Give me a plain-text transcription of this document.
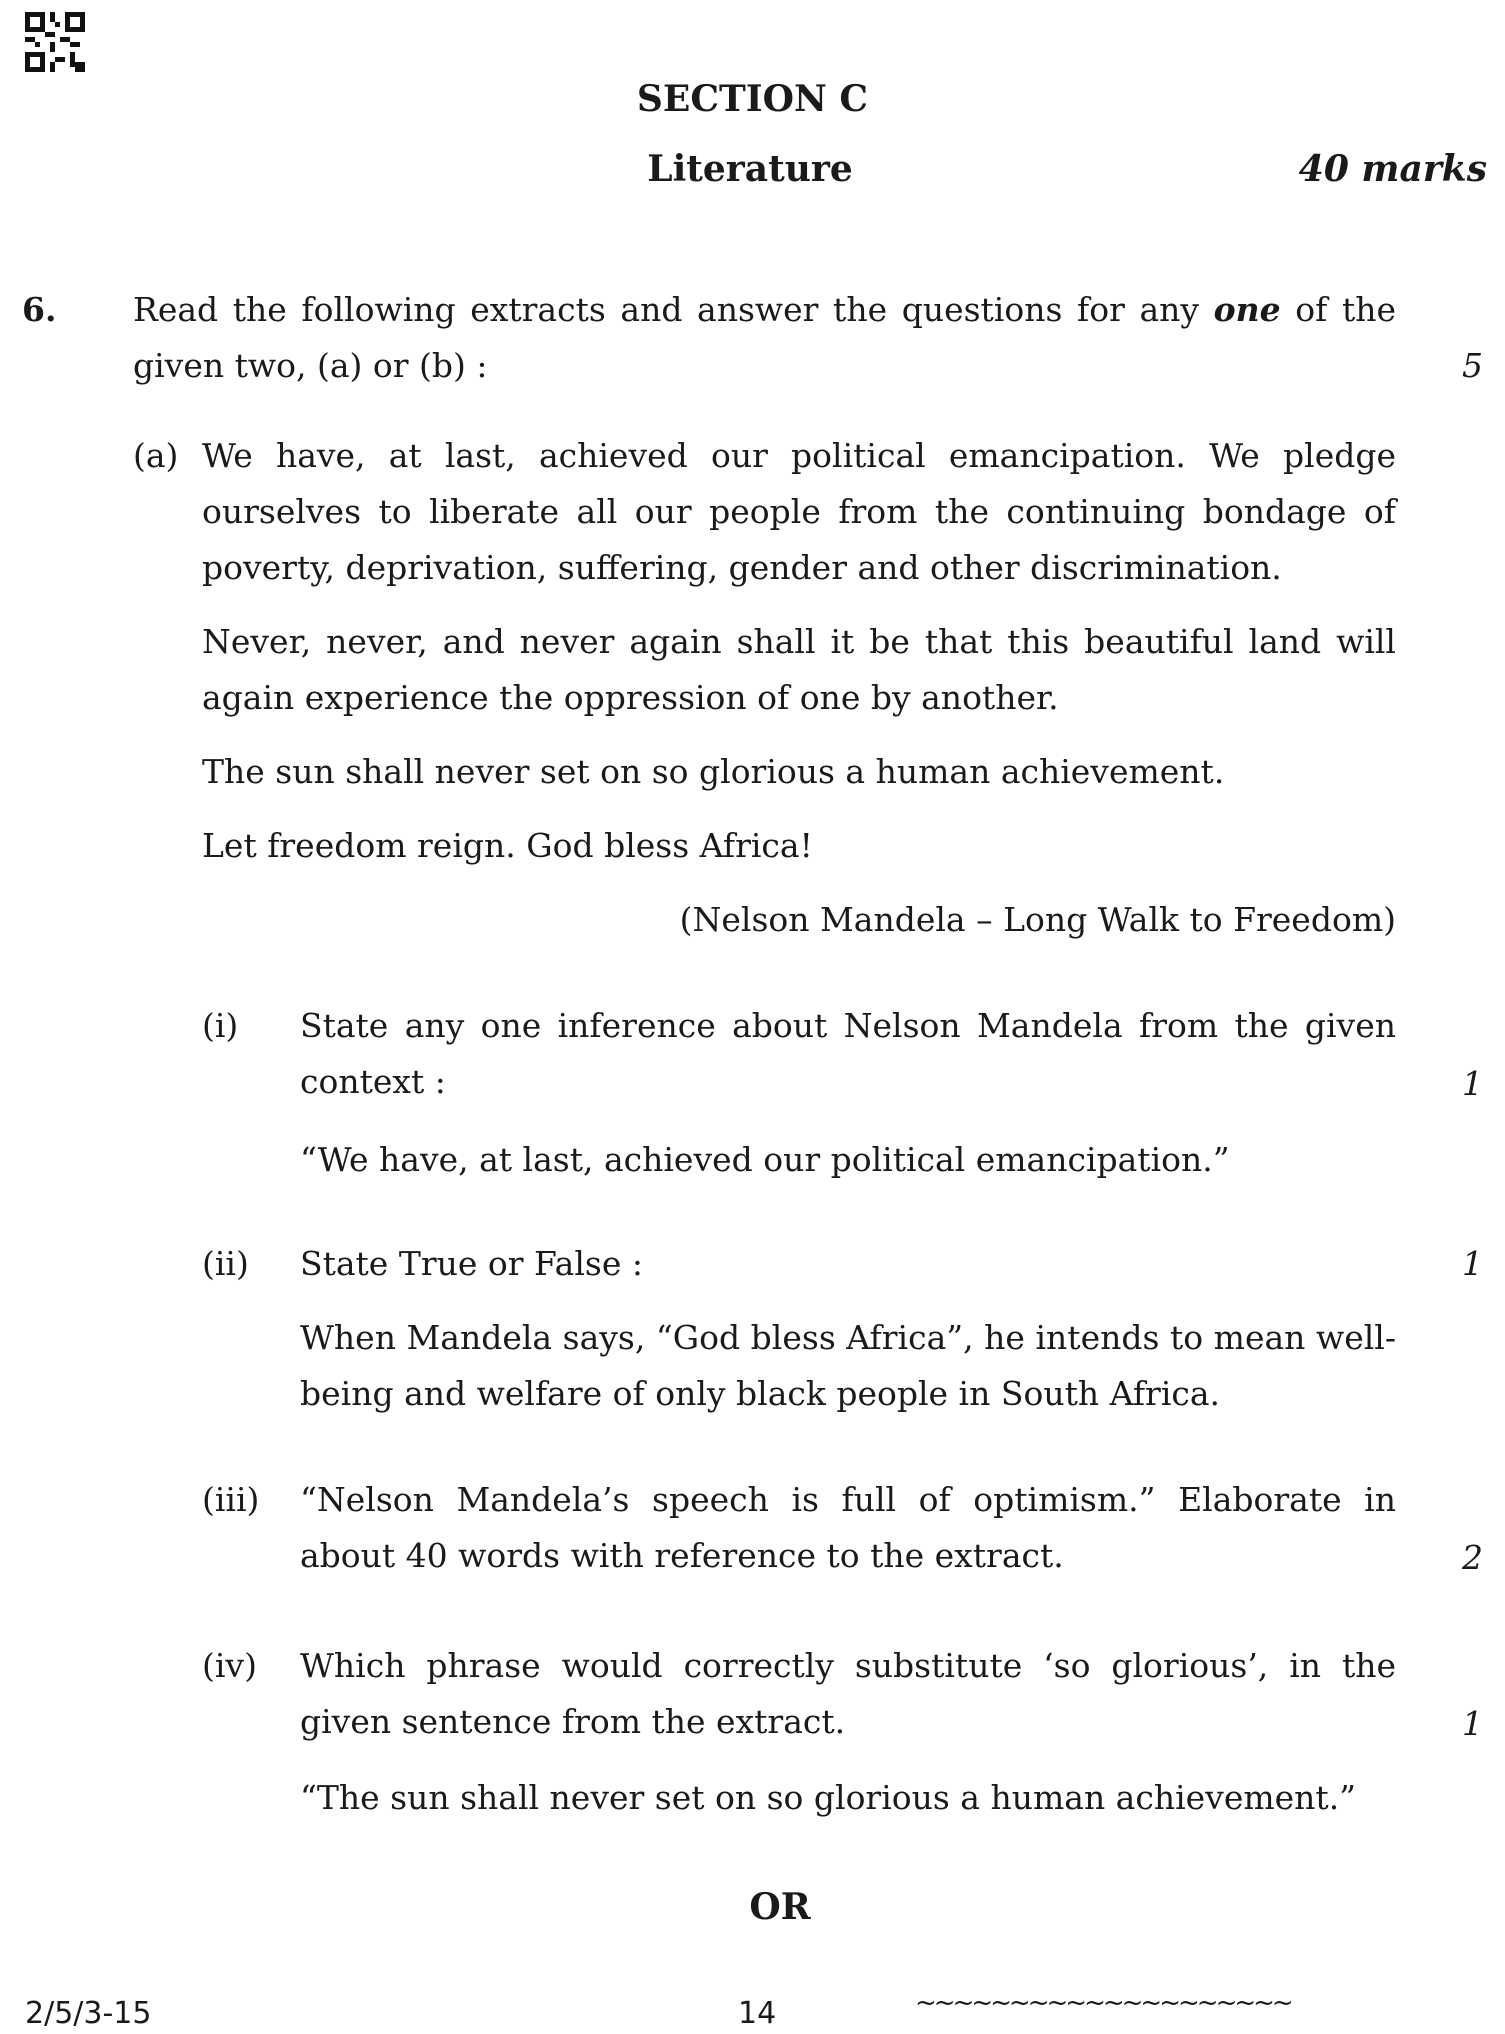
SECTION C
Literature	40 marks
6. Read the following extracts and answer the questions for any one of the
given two, (a) or (b) :	5
(a) We have, at last, achieved our political emancipation. We pledge ourselves to liberate all our people from the continuing bondage of poverty, deprivation, suffering, gender and other discrimination.
Never, never, and never again shall it be that this beautiful land will again experience the oppression of one by another.
The sun shall never set on so glorious a human achievement.
Let freedom reign. God bless Africa!
(Nelson Mandela – Long Walk to Freedom)
(i) State any one inference about Nelson Mandela from the given context :	1
“We have, at last, achieved our political emancipation.”
(ii) State True or False :	1
When Mandela says, “God bless Africa”, he intends to mean well-being and welfare of only black people in South Africa.
(iii) “Nelson Mandela’s speech is full of optimism.” Elaborate in about 40 words with reference to the extract.	2
(iv) Which phrase would correctly substitute ‘so glorious’, in the given sentence from the extract.	1
“The sun shall never set on so glorious a human achievement.”
OR
2/5/3-15	14	~~~~~~~~~~~~~~~~~~~~
